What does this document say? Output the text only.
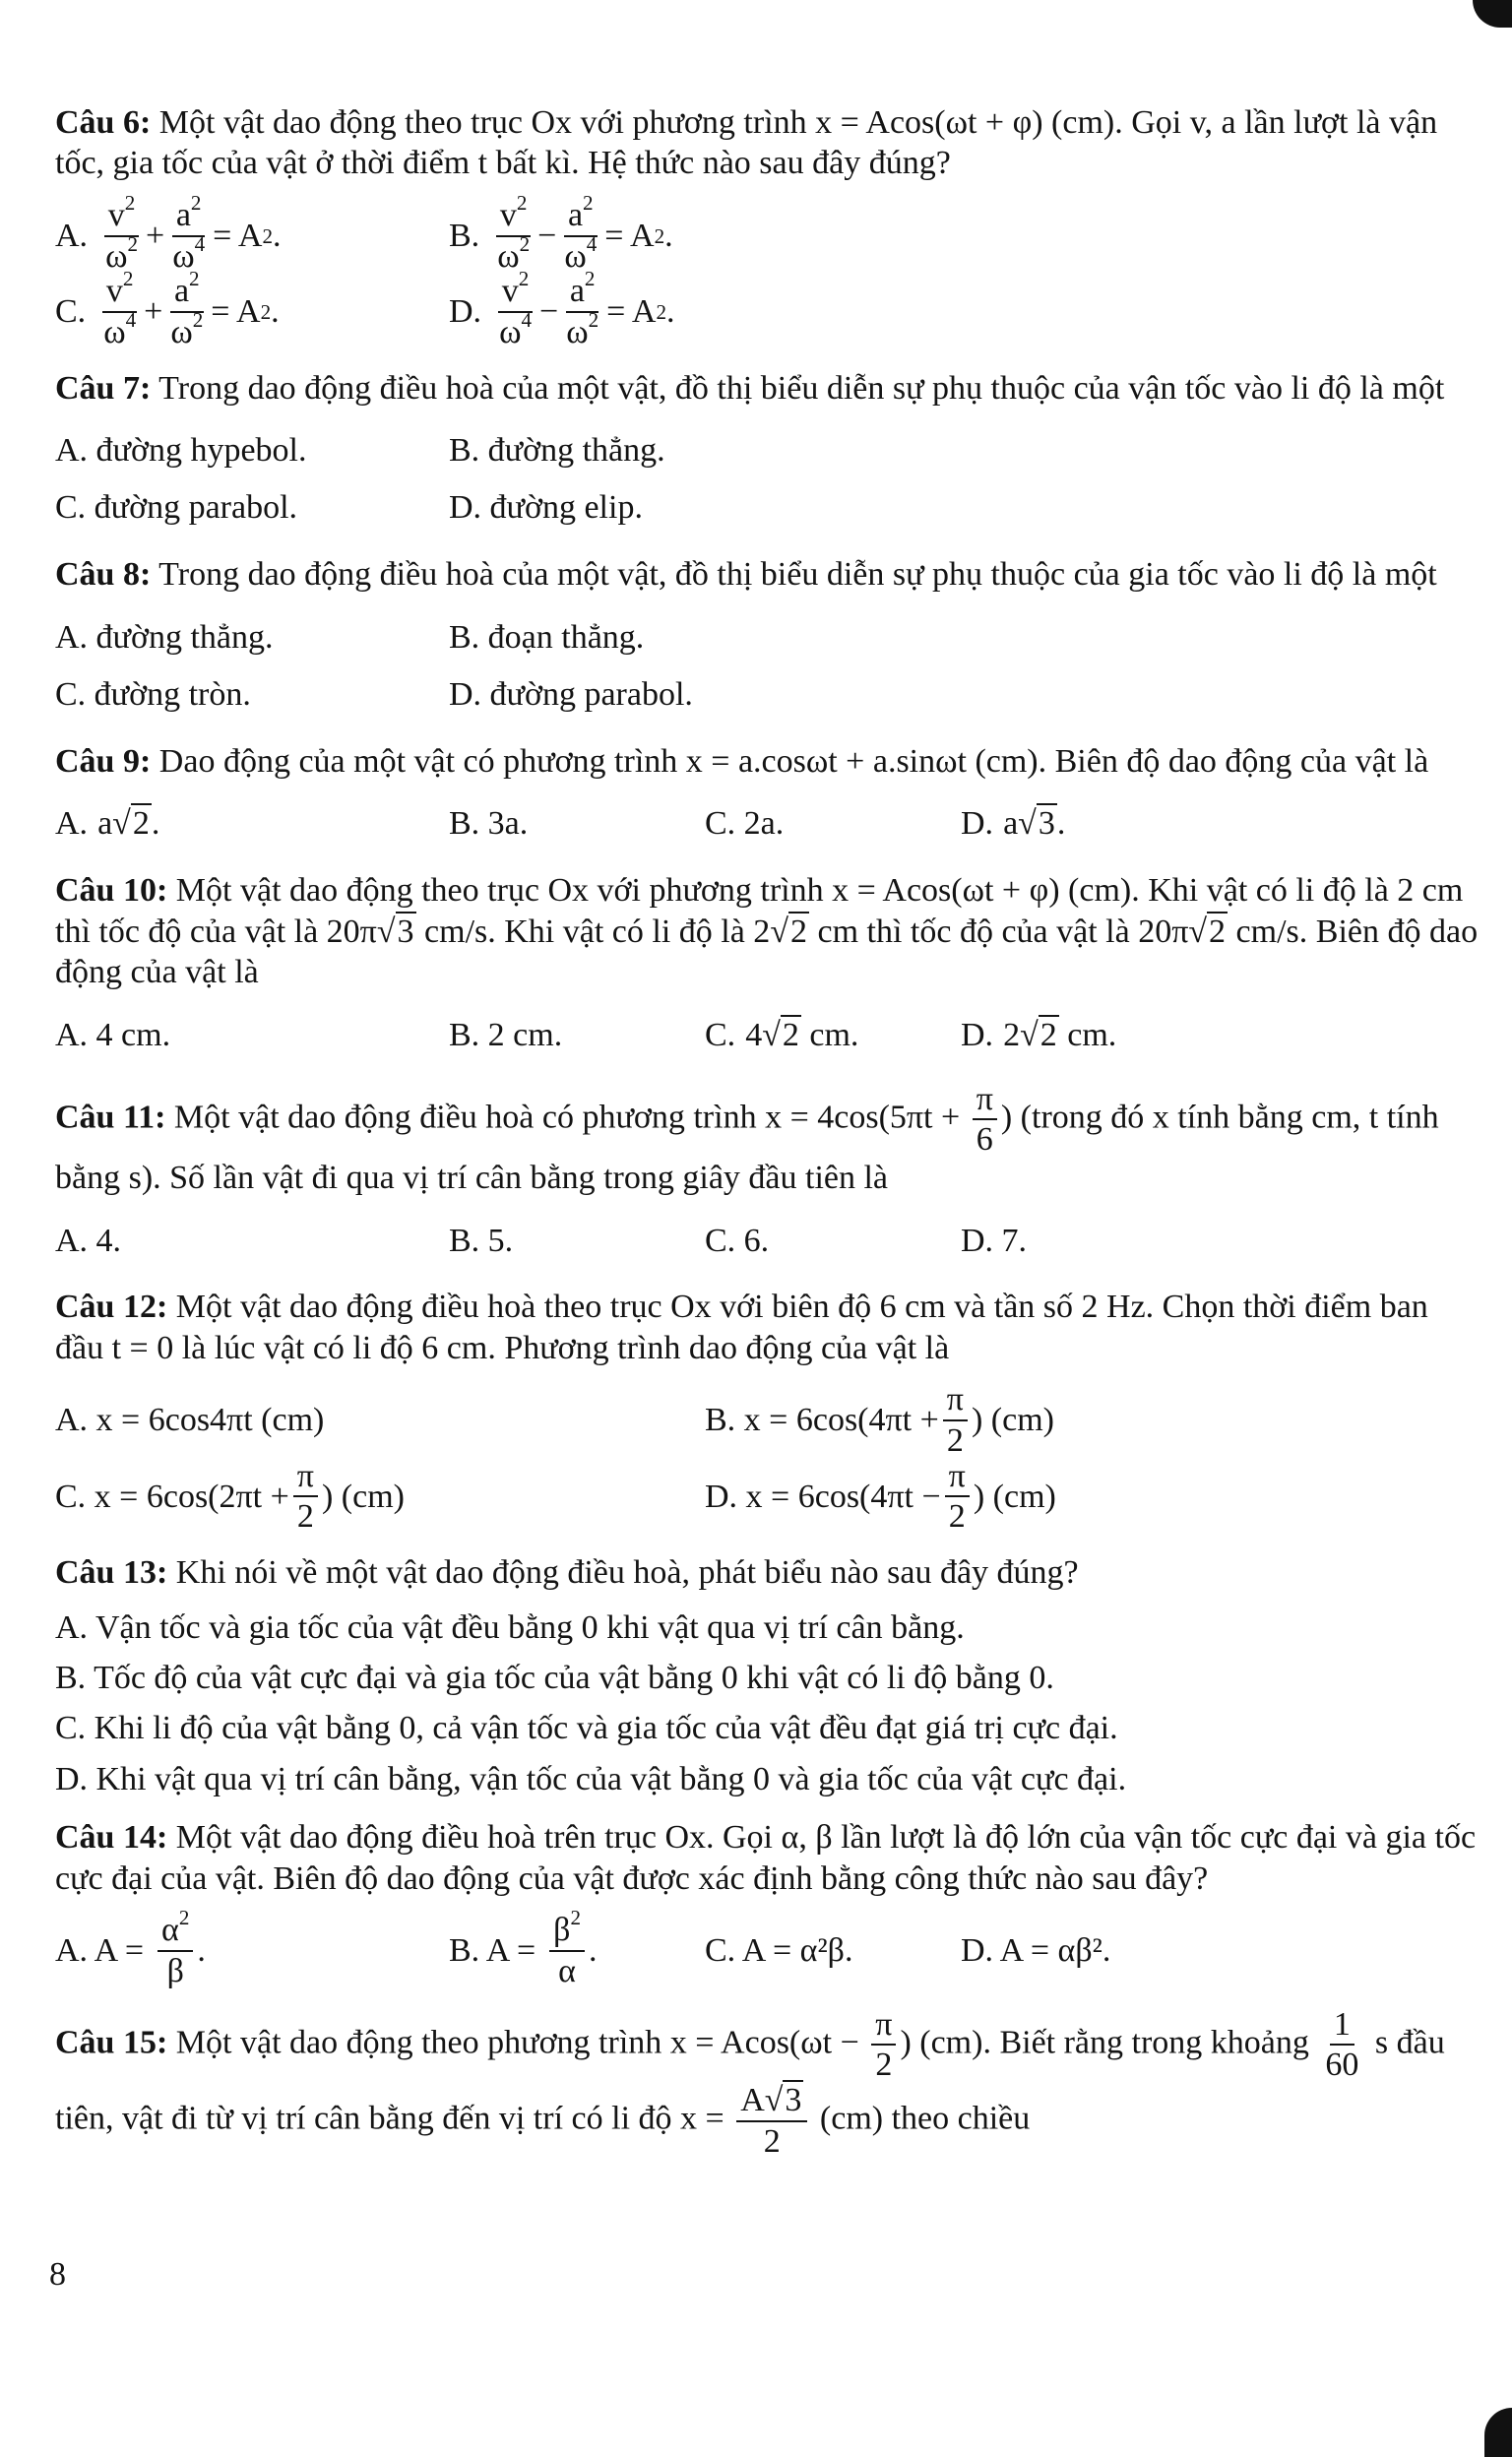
Câu 6: Một vật dao động theo trục Ox với phương trình x = Acos(ωt + φ) (cm). Gọi v, a lần lượt là vận tốc, gia tốc của vật ở thời điểm t bất kì. Hệ thức nào sau đây đúng?

A. $\frac{v^2}{\omega^2} + \frac{a^2}{\omega^4} = A$ 2 .	B. $\frac{v^2}{\omega^2} - \frac{a^2}{\omega^4} = A$ 2 .
C. $\frac{v^2}{\omega^4} + \frac{a^2}{\omega^2} = A$ 2 .	D. $\frac{v^2}{\omega^4} - \frac{a^2}{\omega^2} = A$ 2 .

Câu 7: Trong dao động điều hoà của một vật, đồ thị biểu diễn sự phụ thuộc của vận tốc vào li độ là một

A. đường hypebol.	B. đường thẳng.
C. đường parabol.	D. đường elip.

Câu 8: Trong dao động điều hoà của một vật, đồ thị biểu diễn sự phụ thuộc của gia tốc vào li độ là một

A. đường thẳng.	B. đoạn thẳng.
C. đường tròn.	D. đường parabol.

Câu 9: Dao động của một vật có phương trình x = a.cosωt + a.sinωt (cm). Biên độ dao động của vật là

A. a √2 .	B. 3a.	C. 2a.	D. a √3 .

Câu 10: Một vật dao động theo trục Ox với phương trình x = Acos(ωt + φ) (cm). Khi vật có li độ là 2 cm thì tốc độ của vật là 20π√3 cm/s. Khi vật có li độ là 2√2 cm thì tốc độ của vật là 20π√2 cm/s. Biên độ dao động của vật là

A. 4 cm.	B. 2 cm.	C. 4 √2 cm.	D. 2 √2 cm.

Câu 11: Một vật dao động điều hoà có phương trình $x = 4\cos(5\pi t + \frac{\pi}{6}$ ) (trong đó x tính bằng cm, t tính bằng s). Số lần vật đi qua vị trí cân bằng trong giây đầu tiên là

A. 4.	B. 5.	C. 6.	D. 7.

Câu 12: Một vật dao động điều hoà theo trục Ox với biên độ 6 cm và tần số 2 Hz. Chọn thời điểm ban đầu t = 0 là lúc vật có li độ 6 cm. Phương trình dao động của vật là

A. x = 6cos4πt (cm)	B. $x = 6\cos(4\pi t + \frac{\pi}{2}$ ) (cm)
C. $x = 6\cos(2\pi t + \frac{\pi}{2}$ ) (cm)	D. $x = 6\cos(4\pi t - \frac{\pi}{2}$ ) (cm)

Câu 13: Khi nói về một vật dao động điều hoà, phát biểu nào sau đây đúng?

A. Vận tốc và gia tốc của vật đều bằng 0 khi vật qua vị trí cân bằng.
B. Tốc độ của vật cực đại và gia tốc của vật bằng 0 khi vật có li độ bằng 0.
C. Khi li độ của vật bằng 0, cả vận tốc và gia tốc của vật đều đạt giá trị cực đại.
D. Khi vật qua vị trí cân bằng, vận tốc của vật bằng 0 và gia tốc của vật cực đại.

Câu 14: Một vật dao động điều hoà trên trục Ox. Gọi α, β lần lượt là độ lớn của vận tốc cực đại và gia tốc cực đại của vật. Biên độ dao động của vật được xác định bằng công thức nào sau đây?

A. $A = \frac{\alpha^2}{\beta}$ .	B. $A = \frac{\beta^2}{\alpha}$ .	C. A = α²β.	D. A = αβ².

Câu 15: Một vật dao động theo phương trình $x = Acos(\omega t - \frac{\pi}{2}$ ) (cm). Biết rằng trong khoảng $\frac{1}{60}$ s đầu tiên, vật đi từ vị trí cân bằng đến vị trí có li độ $x = \frac{A√3}{2} (cm)$ theo chiều

8
